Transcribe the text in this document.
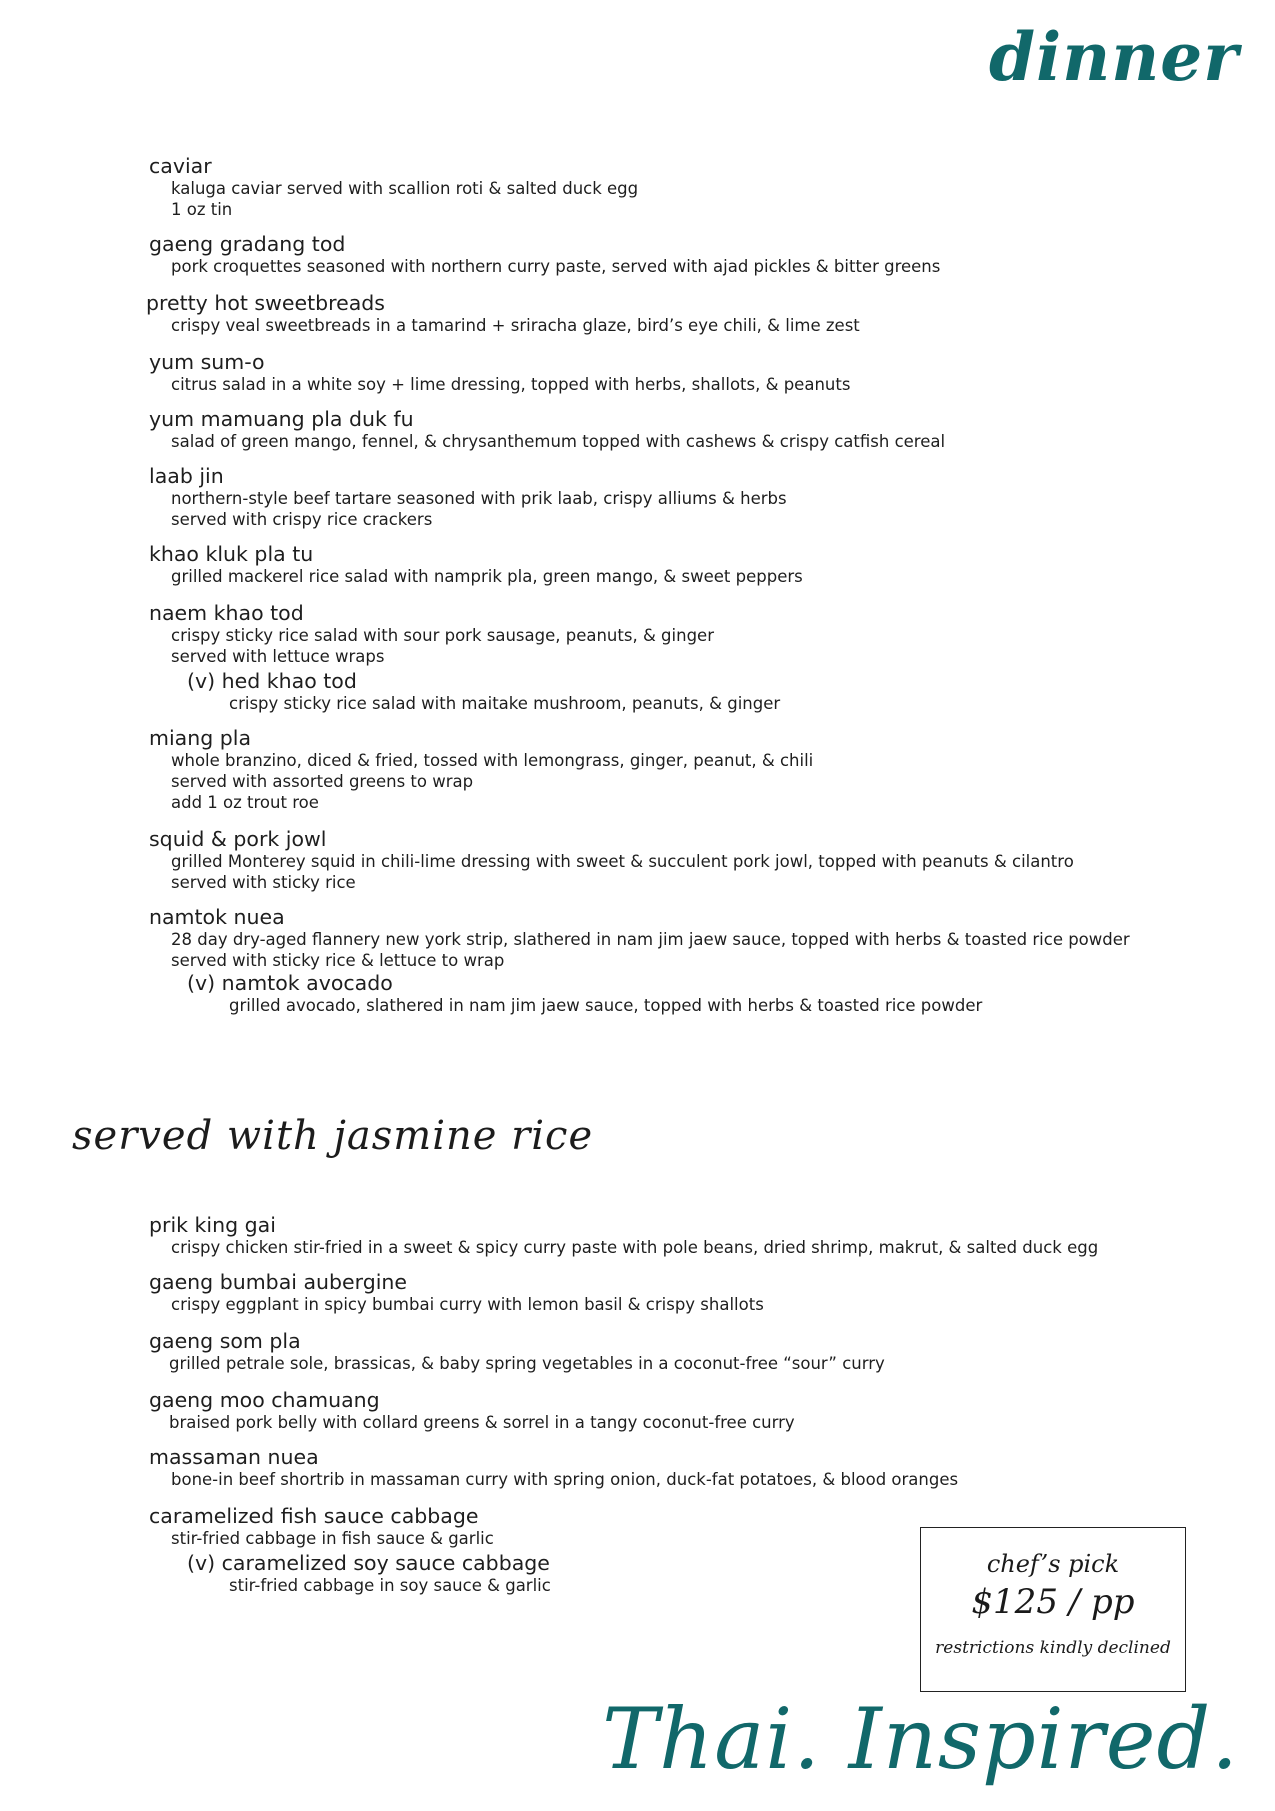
dinner
caviar
kaluga caviar served with scallion roti & salted duck egg
1 oz tin
gaeng gradang tod
pork croquettes seasoned with northern curry paste, served with ajad pickles & bitter greens
pretty hot sweetbreads
crispy veal sweetbreads in a tamarind + sriracha glaze, bird’s eye chili, & lime zest
yum sum-o
citrus salad in a white soy + lime dressing, topped with herbs, shallots, & peanuts
yum mamuang pla duk fu
salad of green mango, fennel, & chrysanthemum topped with cashews & crispy catfish cereal
laab jin
northern-style beef tartare seasoned with prik laab, crispy alliums & herbs
served with crispy rice crackers
khao kluk pla tu
grilled mackerel rice salad with namprik pla, green mango, & sweet peppers
naem khao tod
crispy sticky rice salad with sour pork sausage, peanuts, & ginger
served with lettuce wraps
(v) hed khao tod
crispy sticky rice salad with maitake mushroom, peanuts, & ginger
miang pla
whole branzino, diced & fried, tossed with lemongrass, ginger, peanut, & chili
served with assorted greens to wrap
add 1 oz trout roe
squid & pork jowl
grilled Monterey squid in chili-lime dressing with sweet & succulent pork jowl, topped with peanuts & cilantro
served with sticky rice
namtok nuea
28 day dry-aged flannery new york strip, slathered in nam jim jaew sauce, topped with herbs & toasted rice powder
served with sticky rice & lettuce to wrap
(v) namtok avocado
grilled avocado, slathered in nam jim jaew sauce, topped with herbs & toasted rice powder
served with jasmine rice
prik king gai
crispy chicken stir-fried in a sweet & spicy curry paste with pole beans, dried shrimp, makrut, & salted duck egg
gaeng bumbai aubergine
crispy eggplant in spicy bumbai curry with lemon basil & crispy shallots
gaeng som pla
grilled petrale sole, brassicas, & baby spring vegetables in a coconut-free “sour” curry
gaeng moo chamuang
braised pork belly with collard greens & sorrel in a tangy coconut-free curry
massaman nuea
bone-in beef shortrib in massaman curry with spring onion, duck-fat potatoes, & blood oranges
caramelized fish sauce cabbage
stir-fried cabbage in fish sauce & garlic
(v) caramelized soy sauce cabbage
stir-fried cabbage in soy sauce & garlic
chef’s pick
$125 / pp
restrictions kindly declined
Thai. Inspired.
